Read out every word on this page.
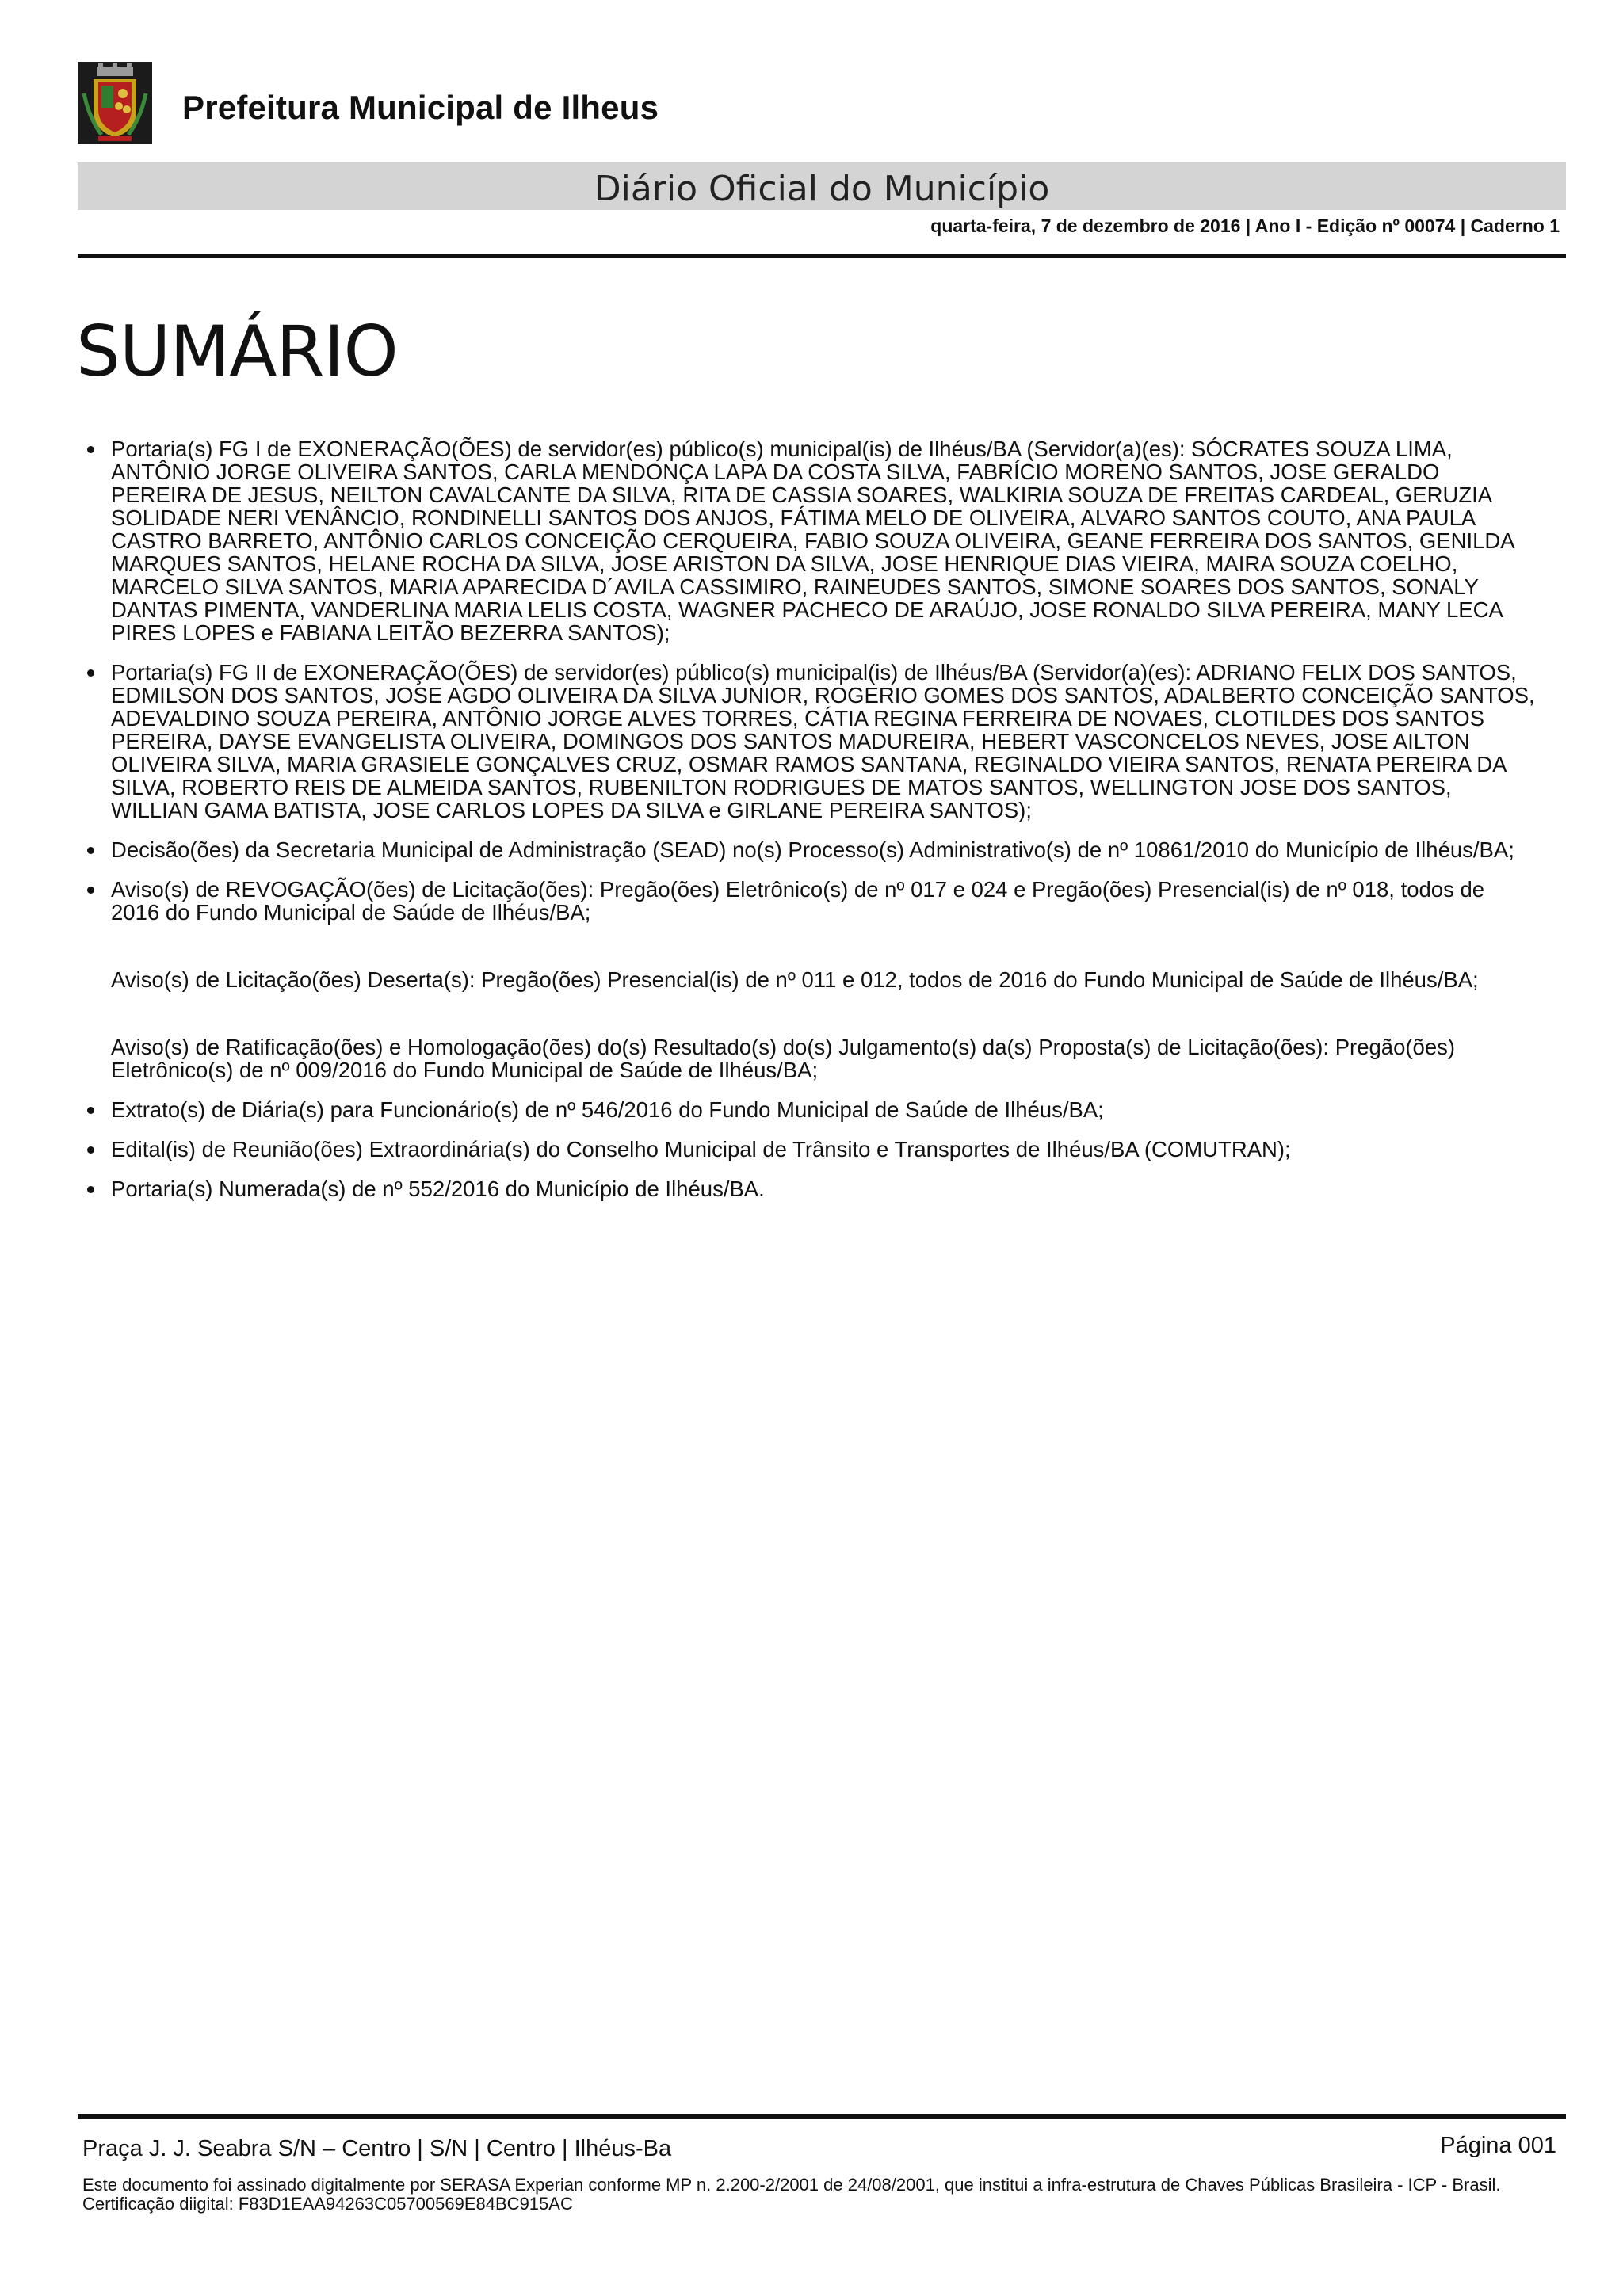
Prefeitura Municipal de Ilheus
Diário Oficial do Município
quarta-feira, 7 de dezembro de 2016 | Ano I - Edição nº 00074 | Caderno 1
SUMÁRIO
Portaria(s) FG I de EXONERAÇÃO(ÕES) de servidor(es) público(s) municipal(is) de Ilhéus/BA (Servidor(a)(es): SÓCRATES SOUZA LIMA, ANTÔNIO JORGE OLIVEIRA SANTOS, CARLA MENDONÇA LAPA DA COSTA SILVA, FABRÍCIO MORENO SANTOS, JOSE GERALDO PEREIRA DE JESUS, NEILTON CAVALCANTE DA SILVA, RITA DE CASSIA SOARES, WALKIRIA SOUZA DE FREITAS CARDEAL, GERUZIA SOLIDADE NERI VENÂNCIO, RONDINELLI SANTOS DOS ANJOS, FÁTIMA MELO DE OLIVEIRA, ALVARO SANTOS COUTO, ANA PAULA CASTRO BARRETO, ANTÔNIO CARLOS CONCEIÇÃO CERQUEIRA, FABIO SOUZA OLIVEIRA, GEANE FERREIRA DOS SANTOS, GENILDA MARQUES SANTOS, HELANE ROCHA DA SILVA, JOSE ARISTON DA SILVA, JOSE HENRIQUE DIAS VIEIRA, MAIRA SOUZA COELHO, MARCELO SILVA SANTOS, MARIA APARECIDA D´AVILA CASSIMIRO, RAINEUDES SANTOS, SIMONE SOARES DOS SANTOS, SONALY DANTAS PIMENTA, VANDERLINA MARIA LELIS COSTA, WAGNER PACHECO DE ARAÚJO, JOSE RONALDO SILVA PEREIRA, MANY LECA PIRES LOPES e FABIANA LEITÃO BEZERRA SANTOS);
Portaria(s) FG II de EXONERAÇÃO(ÕES) de servidor(es) público(s) municipal(is) de Ilhéus/BA (Servidor(a)(es): ADRIANO FELIX DOS SANTOS, EDMILSON DOS SANTOS, JOSE AGDO OLIVEIRA DA SILVA JUNIOR, ROGERIO GOMES DOS SANTOS, ADALBERTO CONCEIÇÃO SANTOS, ADEVALDINO SOUZA PEREIRA, ANTÔNIO JORGE ALVES TORRES, CÁTIA REGINA FERREIRA DE NOVAES, CLOTILDES DOS SANTOS PEREIRA, DAYSE EVANGELISTA OLIVEIRA, DOMINGOS DOS SANTOS MADUREIRA, HEBERT VASCONCELOS NEVES, JOSE AILTON OLIVEIRA SILVA, MARIA GRASIELE GONÇALVES CRUZ, OSMAR RAMOS SANTANA, REGINALDO VIEIRA SANTOS, RENATA PEREIRA DA SILVA, ROBERTO REIS DE ALMEIDA SANTOS, RUBENILTON RODRIGUES DE MATOS SANTOS, WELLINGTON JOSE DOS SANTOS, WILLIAN GAMA BATISTA, JOSE CARLOS LOPES DA SILVA e GIRLANE PEREIRA SANTOS);
Decisão(ões) da Secretaria Municipal de Administração (SEAD) no(s) Processo(s) Administrativo(s) de nº 10861/2010 do Município de Ilhéus/BA;
Aviso(s) de REVOGAÇÃO(ões) de Licitação(ões): Pregão(ões) Eletrônico(s) de nº 017 e 024 e Pregão(ões) Presencial(is) de nº 018, todos de 2016 do Fundo Municipal de Saúde de Ilhéus/BA;
Aviso(s) de Licitação(ões) Deserta(s): Pregão(ões) Presencial(is) de nº 011 e 012, todos de 2016 do Fundo Municipal de Saúde de Ilhéus/BA;
Aviso(s) de Ratificação(ões) e Homologação(ões) do(s) Resultado(s) do(s) Julgamento(s) da(s) Proposta(s) de Licitação(ões): Pregão(ões) Eletrônico(s) de nº 009/2016 do Fundo Municipal de Saúde de Ilhéus/BA;
Extrato(s) de Diária(s) para Funcionário(s) de nº 546/2016 do Fundo Municipal de Saúde de Ilhéus/BA;
Edital(is) de Reunião(ões) Extraordinária(s) do Conselho Municipal de Trânsito e Transportes de Ilhéus/BA (COMUTRAN);
Portaria(s) Numerada(s) de nº 552/2016 do Município de Ilhéus/BA.
Praça J. J. Seabra S/N – Centro | S/N | Centro | Ilhéus-Ba	Página 001
Este documento foi assinado digitalmente por SERASA Experian conforme MP n. 2.200-2/2001 de 24/08/2001, que institui a infra-estrutura de Chaves Públicas Brasileira - ICP - Brasil. Certificação diigital: F83D1EAA94263C05700569E84BC915AC
